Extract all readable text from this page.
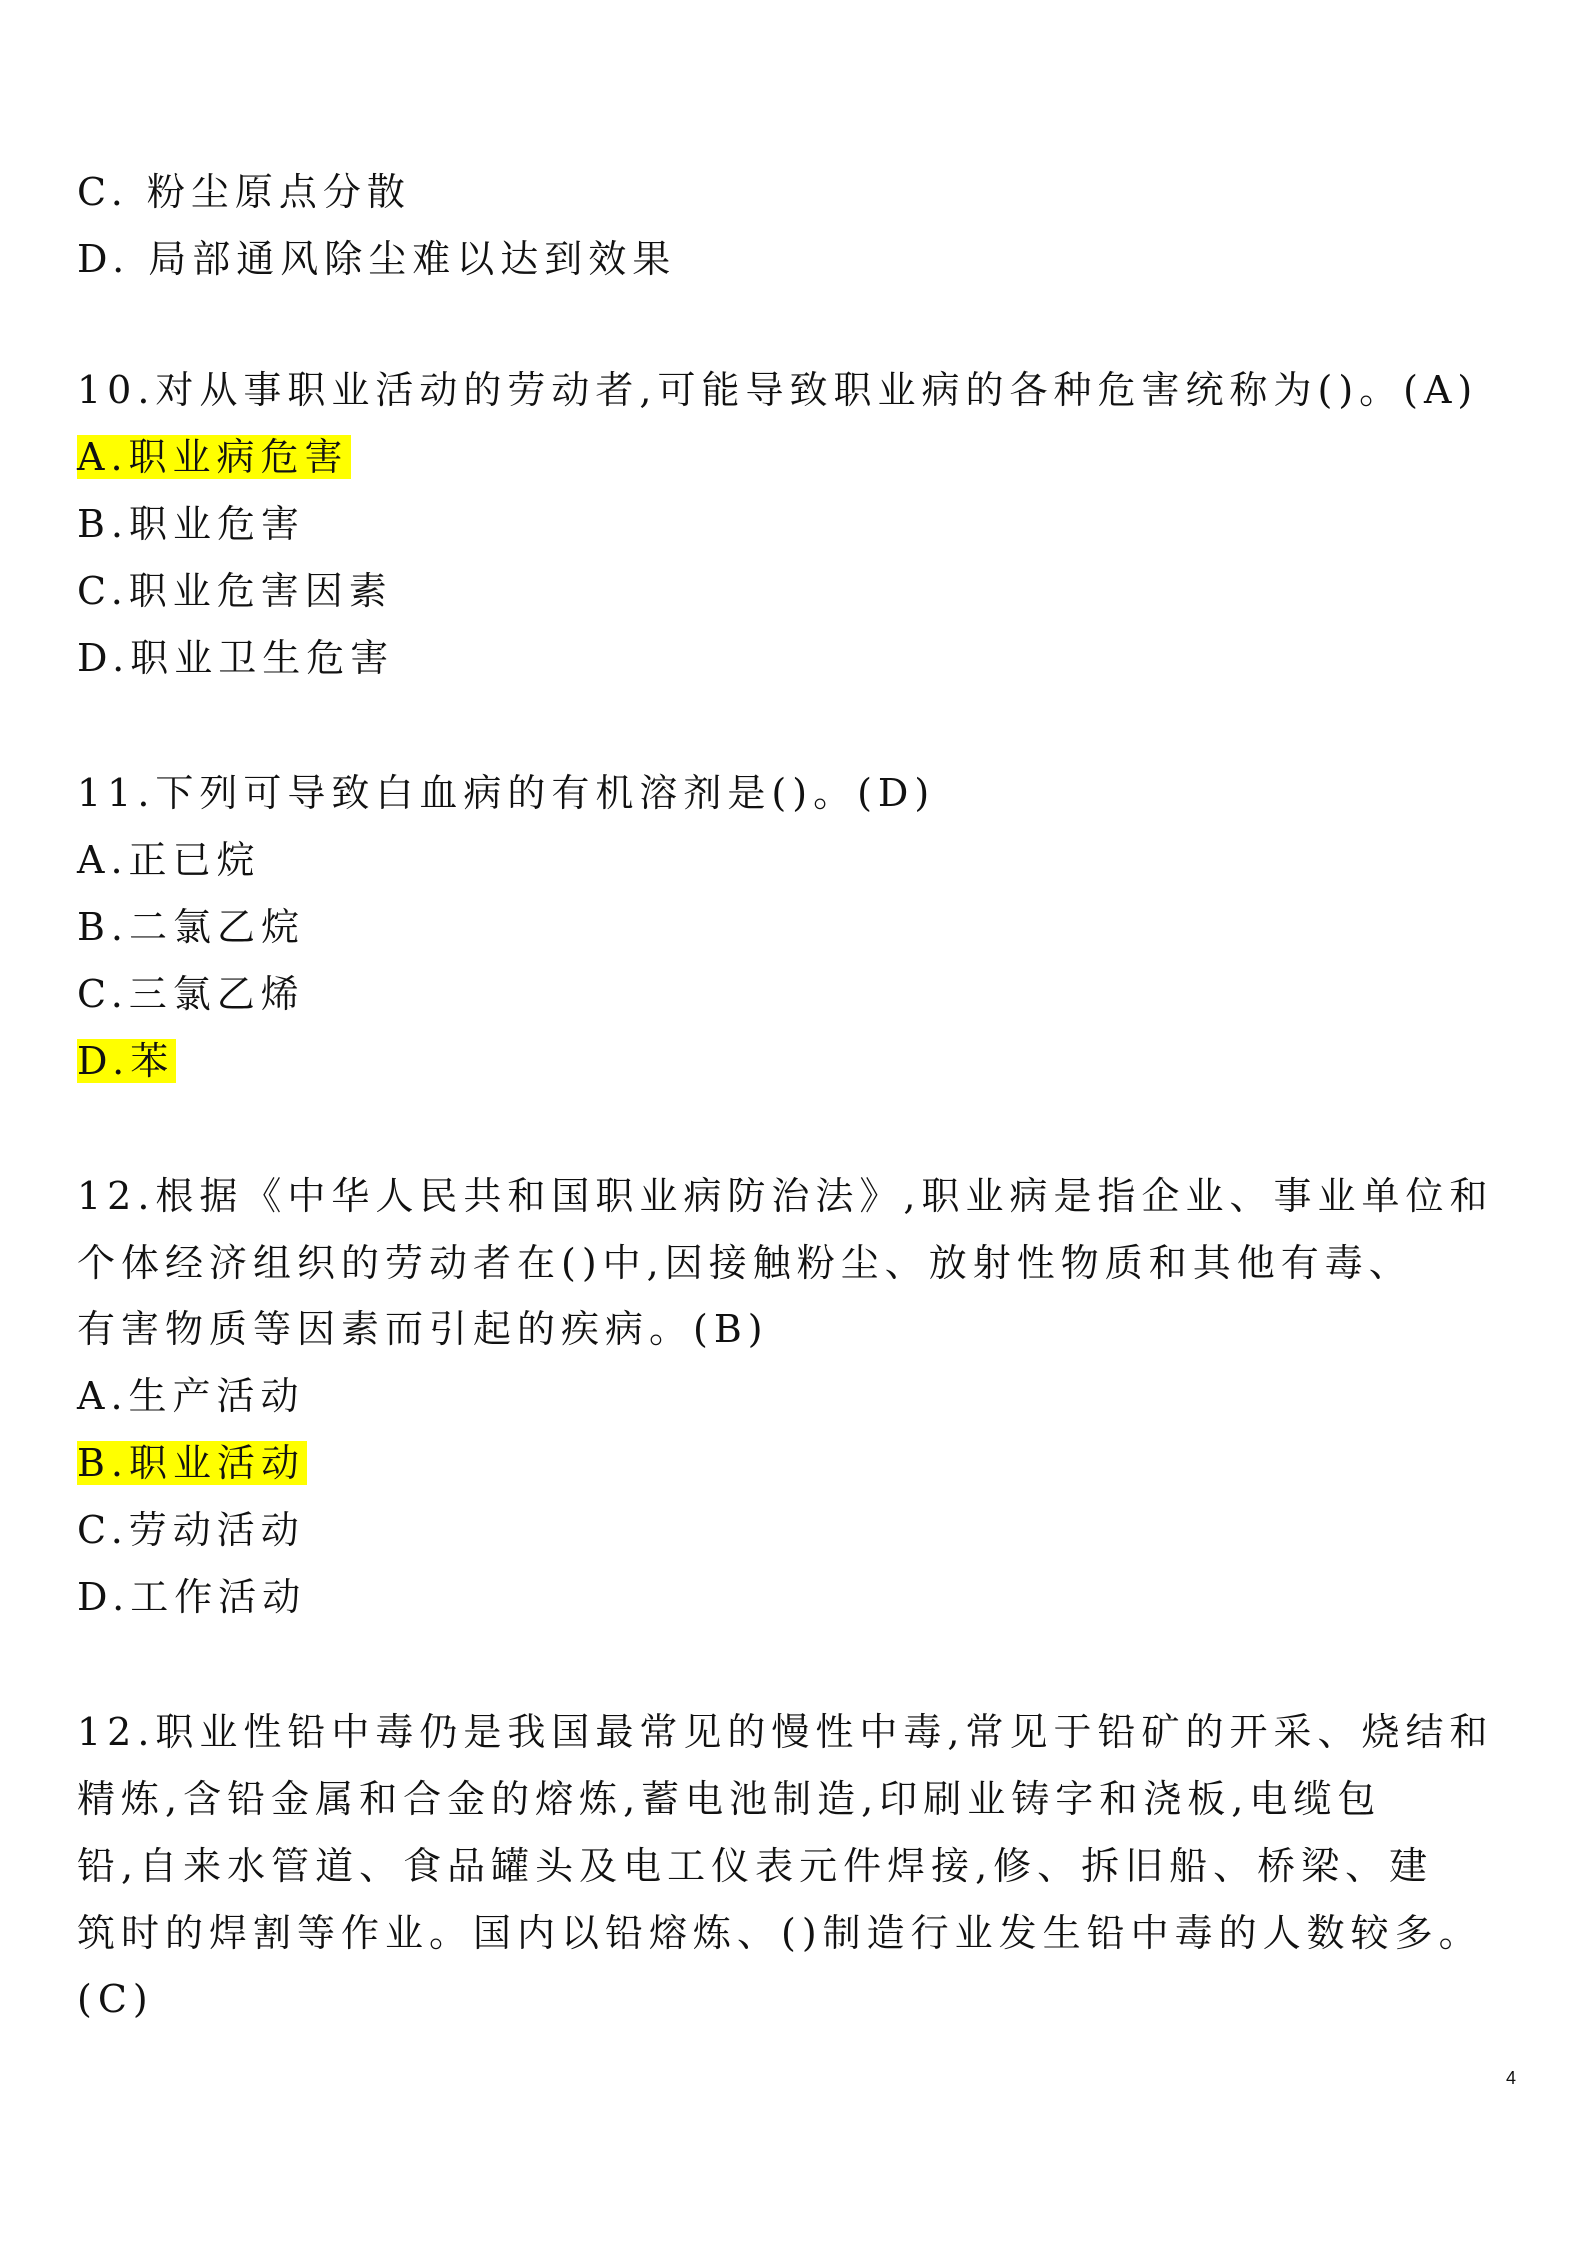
C. 粉尘原点分散
D. 局部通风除尘难以达到效果
10.对从事职业活动的劳动者,可能导致职业病的各种危害统称为()。(A)
A.职业病危害
B.职业危害
C.职业危害因素
D.职业卫生危害
11.下列可导致白血病的有机溶剂是()。(D)
A.正已烷
B.二氯乙烷
C.三氯乙烯
D.苯
12.根据《中华人民共和国职业病防治法》,职业病是指企业、事业单位和
个体经济组织的劳动者在()中,因接触粉尘、放射性物质和其他有毒、
有害物质等因素而引起的疾病。(B)
A.生产活动
B.职业活动
C.劳动活动
D.工作活动
12.职业性铅中毒仍是我国最常见的慢性中毒,常见于铅矿的开采、烧结和
精炼,含铅金属和合金的熔炼,蓄电池制造,印刷业铸字和浇板,电缆包
铅,自来水管道、食品罐头及电工仪表元件焊接,修、拆旧船、桥梁、建
筑时的焊割等作业。国内以铅熔炼、()制造行业发生铅中毒的人数较多。
(C)
4
